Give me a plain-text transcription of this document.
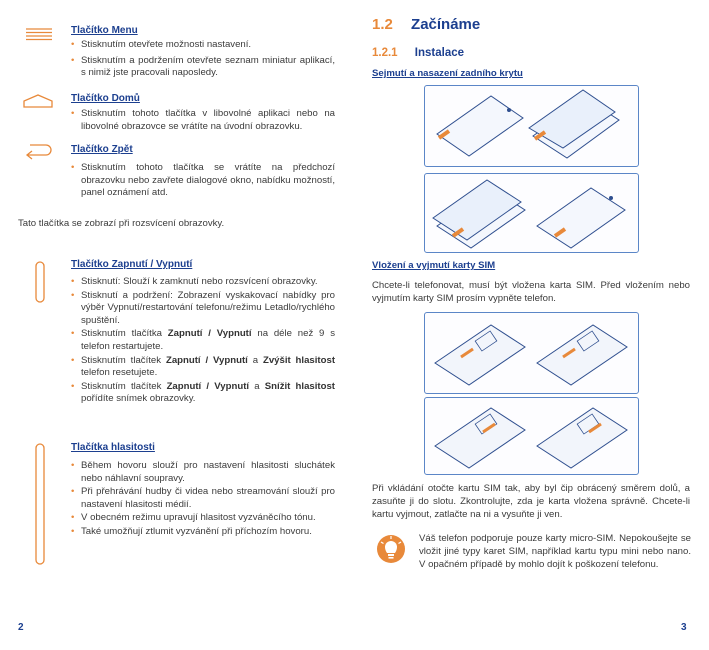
Tlačítko Menu
• Stisknutím otevřete možnosti nastavení.
• Stisknutím a podržením otevřete seznam miniatur aplikací, s nimiž jste pracovali naposledy.
Tlačítko Domů
• Stisknutím tohoto tlačítka v libovolné aplikaci nebo na libovolné obrazovce se vrátíte na úvodní obrazovku.
Tlačítko Zpět
• Stisknutím tohoto tlačítka se vrátíte na předchozí obrazovku nebo zavřete dialogové okno, nabídku možností, panel oznámení atd.
Tato tlačítka se zobrazí při rozsvícení obrazovky.
Tlačítko Zapnutí / Vypnutí
• Stisknutí: Slouží k zamknutí nebo rozsvícení obrazovky.
• Stisknutí a podržení: Zobrazení vyskakovací nabídky pro výběr Vypnutí/restartování telefonu/režimu Letadlo/rychlého spuštění.
• Stisknutím tlačítka Zapnutí / Vypnutí na déle než 9 s telefon restartujete.
• Stisknutím tlačítek Zapnutí / Vypnutí a Zvýšit hlasitost telefon resetujete.
• Stisknutím tlačítek Zapnutí / Vypnutí a Snížit hlasitost pořídíte snímek obrazovky.
Tlačítka hlasitosti
• Během hovoru slouží pro nastavení hlasitosti sluchátek nebo náhlavní soupravy.
• Při přehrávání hudby či videa nebo streamování slouží pro nastavení hlasitosti médií.
• V obecném režimu upravují hlasitost vyzváněcího tónu.
• Také umožňují ztlumit vyzvánění při příchozím hovoru.
2
1.2 Začínáme
1.2.1 Instalace
Sejmutí a nasazení zadního krytu
Vložení a vyjmutí karty SIM
Chcete-li telefonovat, musí být vložena karta SIM. Před vložením nebo vyjmutím karty SIM prosím vypněte telefon.
Při vkládání otočte kartu SIM tak, aby byl čip obrácený směrem dolů, a zasuňte ji do slotu. Zkontrolujte, zda je karta vložena správně. Chcete-li kartu vyjmout, zatlačte na ni a vysuňte ji ven.
Váš telefon podporuje pouze karty micro-SIM. Nepokoušejte se vložit jiné typy karet SIM, například kartu typu mini nebo nano. V opačném případě by mohlo dojít k poškození telefonu.
3
